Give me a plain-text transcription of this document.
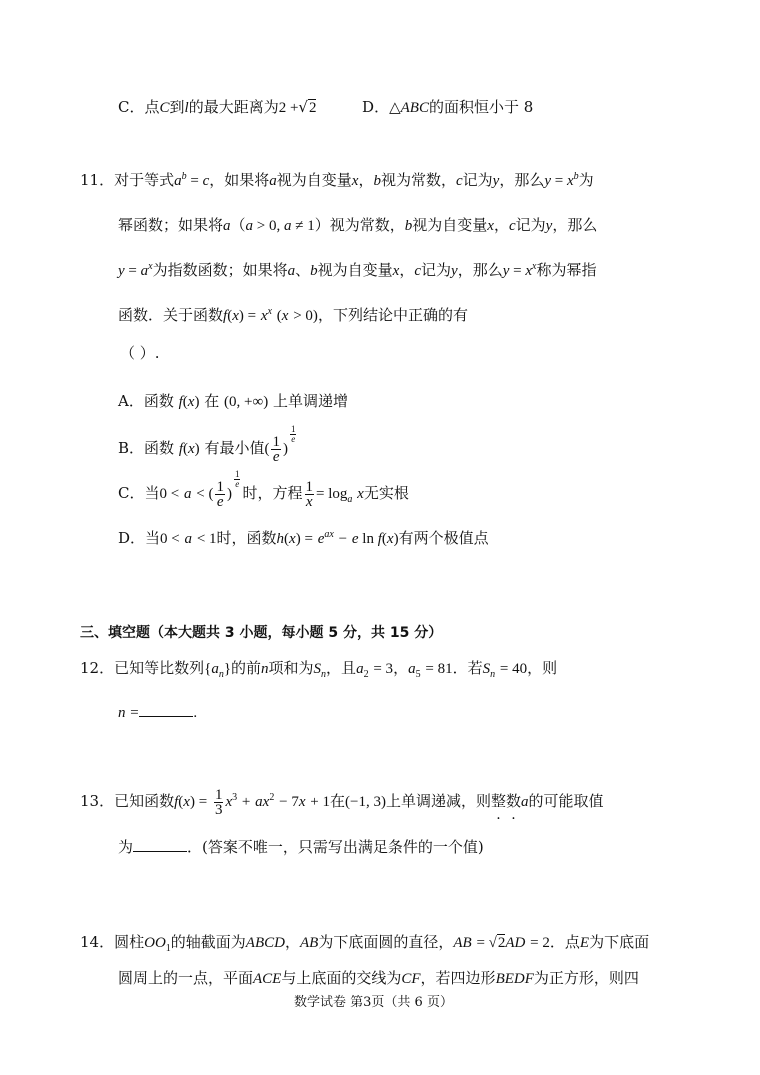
C．点C到l的最大距离为2 +√2	D．△ABC的面积恒小于 8
11．对于等式$a^b = c$，如果将a视为自变量x，b视为常数，c记为y，那么$y = x^b$为
幂函数；如果将a（a > 0, a ≠ 1）视为常数，b视为自变量x，c记为y，那么
$y = a^x$为指数函数；如果将a、b视为自变量x，c记为y，那么$y = x^x$称为幂指
函数．关于函数$f(x) = x^x$ (x > 0)，下列结论中正确的有
（ ）.
A．函数 f(x) 在 (0, +∞) 上单调递增
B．函数 f(x) 有最小值( $\frac{1}{e}$ )
$^{\frac{1}{e}}$
C．当0 < a < ( $\frac{1}{e}$ )
$^{\frac{1}{e}}$
时，方程 $\frac{1}{x} = \log_a x$无实根
D．当0 < a < 1时，函数$h(x) = e^{ax} - e$ ln f(x)有两个极值点
三、填空题（本大题共 3 小题，每小题 5 分，共 15 分）
12．已知等比数列$\{a_n\}$的前n项和为$S_n$，且$a_2 = 3$，$a_5 = 81$．若$S_n = 40$，则
n =	.
13．已知函数$f(x) = \frac{1}{3} x^3 + ax^2 - 7x + 1$在(−1, 3)上单调递减，则整数a的可能取值
为	．(答案不唯一，只需写出满足条件的一个值)
14．圆柱$OO_1$的轴截面为ABCD，AB为下底面圆的直径，AB = √2AD = 2．点E为下底面
圆周上的一点，平面ACE与上底面的交线为CF，若四边形BEDF为正方形，则四
数学试卷 第3页（共 6 页）
